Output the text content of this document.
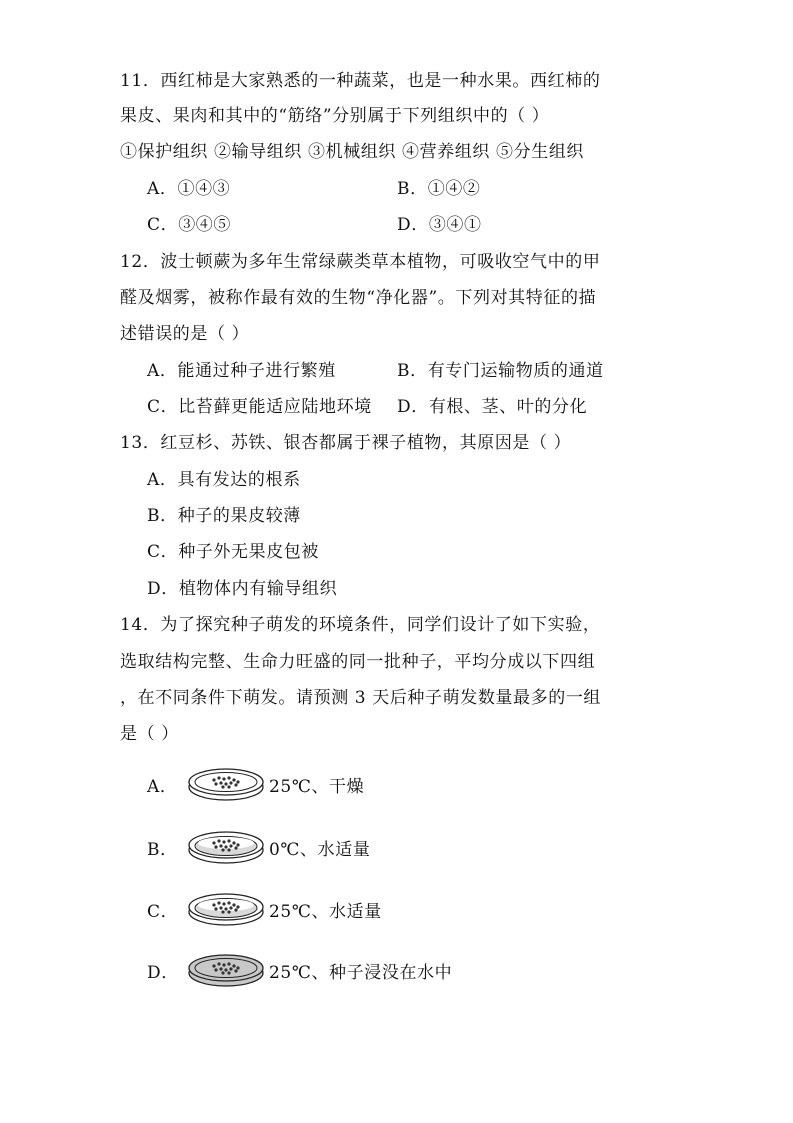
11．西红柿是大家熟悉的一种蔬菜，也是一种水果。西红柿的
果皮、果肉和其中的“筋络”分别属于下列组织中的（ ）
①保护组织 ②输导组织 ③机械组织 ④营养组织 ⑤分生组织
A．①④③	B．①④②
C．③④⑤	D．③④①
12．波士顿蕨为多年生常绿蕨类草本植物，可吸收空气中的甲
醛及烟雾，被称作最有效的生物“净化器”。下列对其特征的描
述错误的是（ ）
A．能通过种子进行繁殖	B．有专门运输物质的通道
C．比苔藓更能适应陆地环境 D．有根、茎、叶的分化
13．红豆杉、苏铁、银杏都属于裸子植物，其原因是（ ）
A．具有发达的根系
B．种子的果皮较薄
C．种子外无果皮包被
D．植物体内有输导组织
14．为了探究种子萌发的环境条件，同学们设计了如下实验，
选取结构完整、生命力旺盛的同一批种子，平均分成以下四组
，在不同条件下萌发。请预测 3 天后种子萌发数量最多的一组
是（ ）
A．	25℃、干燥
B．	0℃、水适量
C．	25℃、水适量
D．	25℃、种子浸没在水中
